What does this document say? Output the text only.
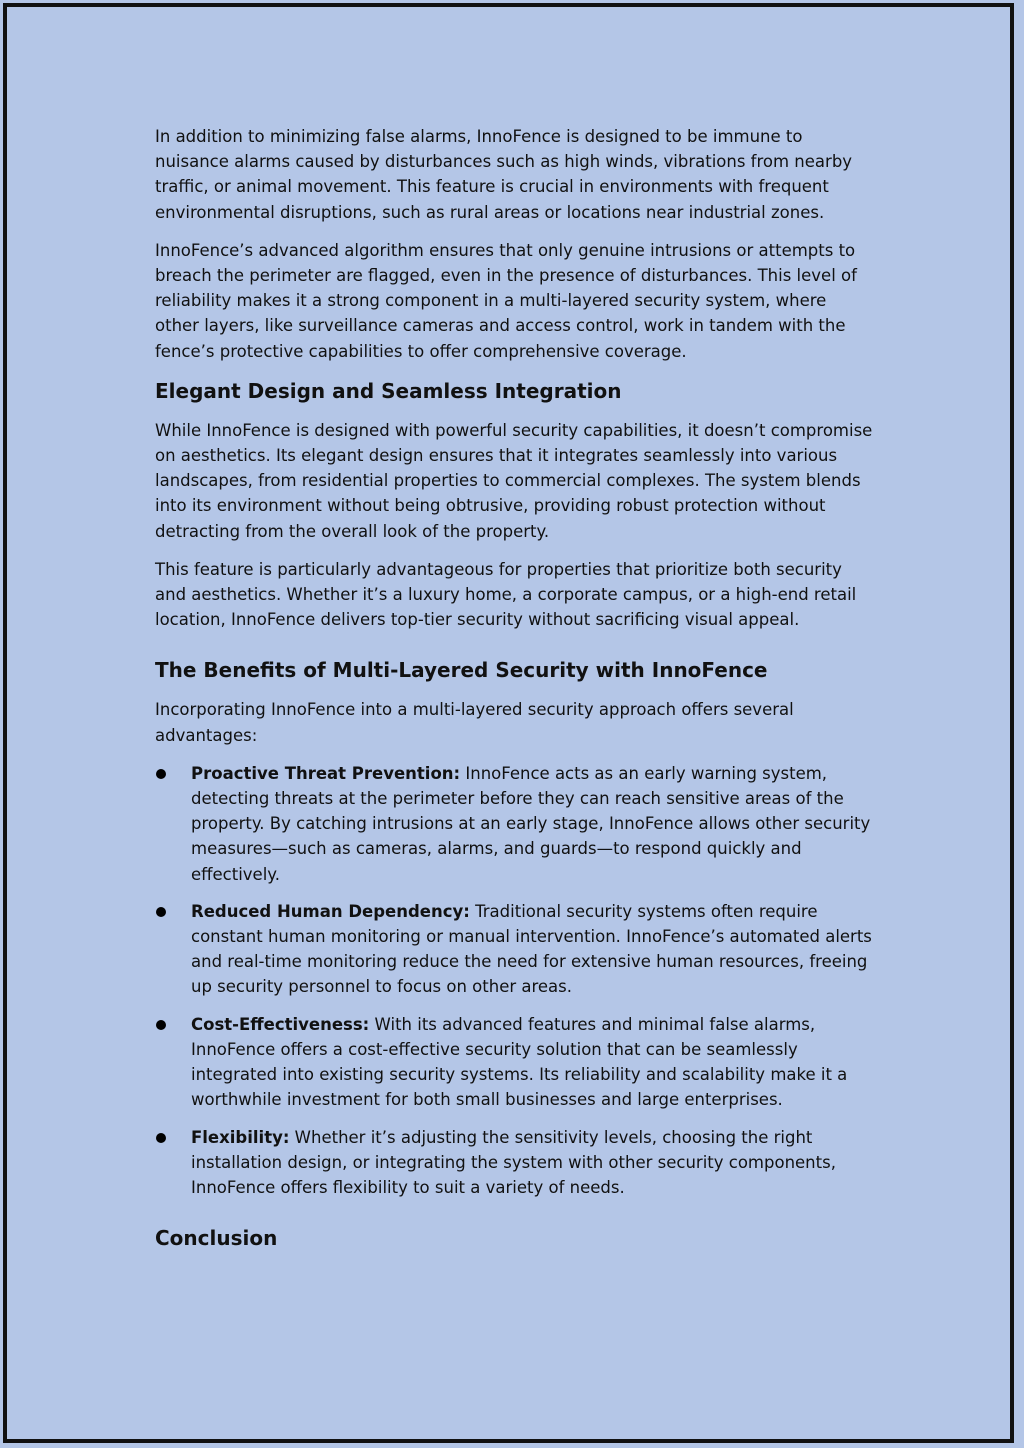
In addition to minimizing false alarms, InnoFence is designed to be immune to nuisance alarms caused by disturbances such as high winds, vibrations from nearby traffic, or animal movement. This feature is crucial in environments with frequent environmental disruptions, such as rural areas or locations near industrial zones.

InnoFence’s advanced algorithm ensures that only genuine intrusions or attempts to breach the perimeter are flagged, even in the presence of disturbances. This level of reliability makes it a strong component in a multi-layered security system, where other layers, like surveillance cameras and access control, work in tandem with the fence’s protective capabilities to offer comprehensive coverage.

Elegant Design and Seamless Integration

While InnoFence is designed with powerful security capabilities, it doesn’t compromise on aesthetics. Its elegant design ensures that it integrates seamlessly into various landscapes, from residential properties to commercial complexes. The system blends into its environment without being obtrusive, providing robust protection without detracting from the overall look of the property.

This feature is particularly advantageous for properties that prioritize both security and aesthetics. Whether it’s a luxury home, a corporate campus, or a high-end retail location, InnoFence delivers top-tier security without sacrificing visual appeal.

The Benefits of Multi-Layered Security with InnoFence

Incorporating InnoFence into a multi-layered security approach offers several advantages:

Proactive Threat Prevention: InnoFence acts as an early warning system, detecting threats at the perimeter before they can reach sensitive areas of the property. By catching intrusions at an early stage, InnoFence allows other security measures—such as cameras, alarms, and guards—to respond quickly and effectively.
Reduced Human Dependency: Traditional security systems often require constant human monitoring or manual intervention. InnoFence’s automated alerts and real-time monitoring reduce the need for extensive human resources, freeing up security personnel to focus on other areas.
Cost-Effectiveness: With its advanced features and minimal false alarms, InnoFence offers a cost-effective security solution that can be seamlessly integrated into existing security systems. Its reliability and scalability make it a worthwhile investment for both small businesses and large enterprises.
Flexibility: Whether it’s adjusting the sensitivity levels, choosing the right installation design, or integrating the system with other security components, InnoFence offers flexibility to suit a variety of needs.
Conclusion
